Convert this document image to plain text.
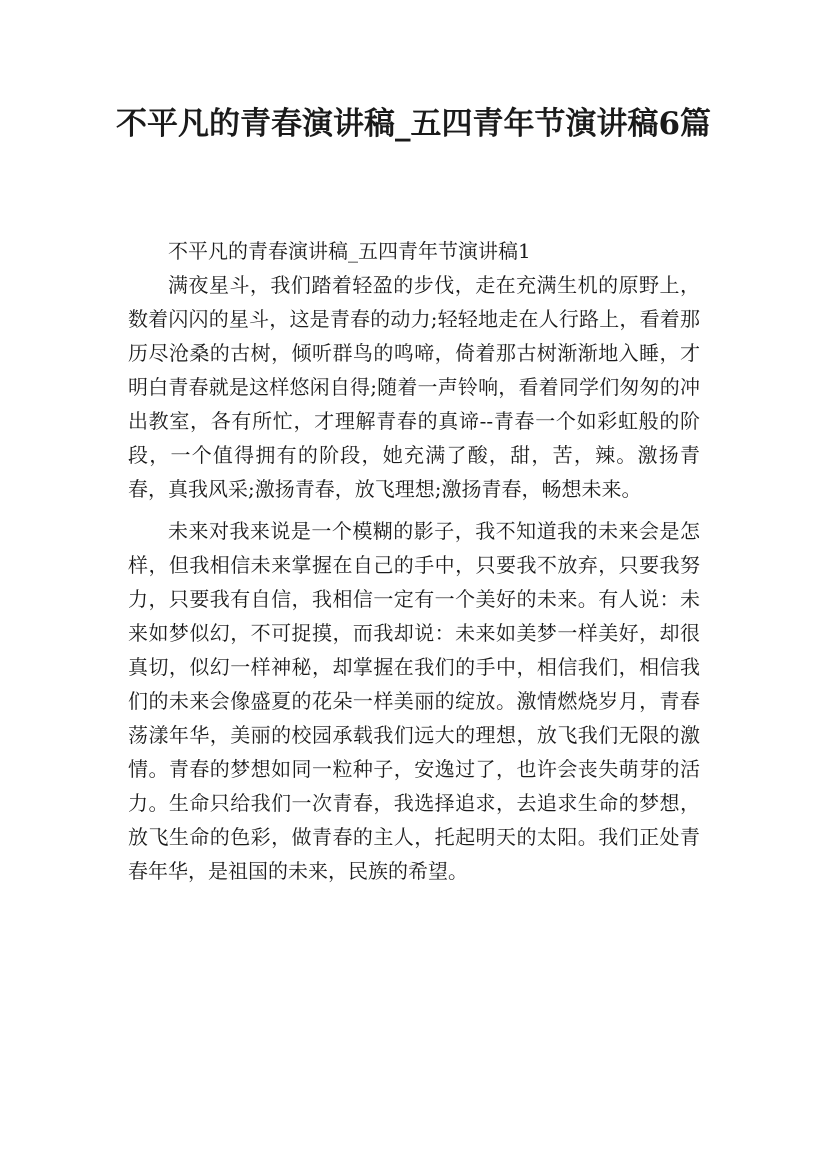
不平凡的青春演讲稿_五四青年节演讲稿6篇

不平凡的青春演讲稿_五四青年节演讲稿1

满夜星斗，我们踏着轻盈的步伐，走在充满生机的原野上，数着闪闪的星斗，这是青春的动力;轻轻地走在人行路上，看着那历尽沧桑的古树，倾听群鸟的鸣啼，倚着那古树渐渐地入睡，才明白青春就是这样悠闲自得;随着一声铃响，看着同学们匆匆的冲出教室，各有所忙，才理解青春的真谛--青春一个如彩虹般的阶段，一个值得拥有的阶段，她充满了酸，甜，苦，辣。激扬青春，真我风采;激扬青春，放飞理想;激扬青春，畅想未来。

未来对我来说是一个模糊的影子，我不知道我的未来会是怎样，但我相信未来掌握在自己的手中，只要我不放弃，只要我努力，只要我有自信，我相信一定有一个美好的未来。有人说：未来如梦似幻，不可捉摸，而我却说：未来如美梦一样美好，却很真切，似幻一样神秘，却掌握在我们的手中，相信我们，相信我们的未来会像盛夏的花朵一样美丽的绽放。激情燃烧岁月，青春荡漾年华，美丽的校园承载我们远大的理想，放飞我们无限的激情。青春的梦想如同一粒种子，安逸过了，也许会丧失萌芽的活力。生命只给我们一次青春，我选择追求，去追求生命的梦想，放飞生命的色彩，做青春的主人，托起明天的太阳。我们正处青春年华，是祖国的未来，民族的希望。
